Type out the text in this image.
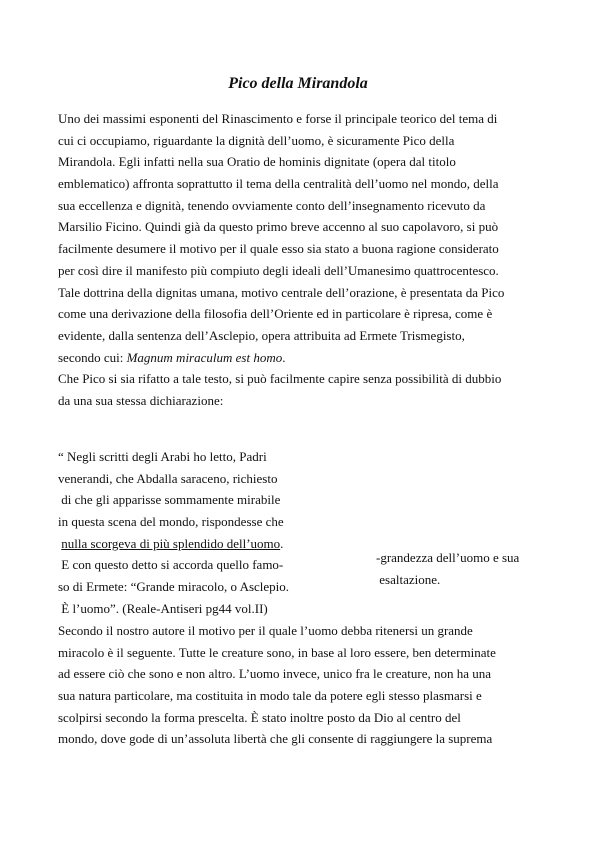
Pico della Mirandola
Uno dei massimi esponenti del Rinascimento e forse il principale teorico del tema di
cui ci occupiamo, riguardante la dignità dell’uomo, è sicuramente Pico della
Mirandola. Egli infatti nella sua Oratio de hominis dignitate (opera dal titolo
emblematico) affronta soprattutto il tema della centralità dell’uomo nel mondo, della
sua eccellenza e dignità, tenendo ovviamente conto dell’insegnamento ricevuto da
Marsilio Ficino. Quindi già da questo primo breve accenno al suo capolavoro, si può
facilmente desumere il motivo per il quale esso sia stato a buona ragione considerato
per così dire il manifesto più compiuto degli ideali dell’Umanesimo quattrocentesco.
Tale dottrina della dignitas umana, motivo centrale dell’orazione, è presentata da Pico
come una derivazione della filosofia dell’Oriente ed in particolare è ripresa, come è
evidente, dalla sentenza dell’Asclepio, opera attribuita ad Ermete Trismegisto,
secondo cui: Magnum miraculum est homo.
Che Pico si sia rifatto a tale testo, si può facilmente capire senza possibilità di dubbio
da una sua stessa dichiarazione:
“ Negli scritti degli Arabi ho letto, Padri
venerandi, che Abdalla saraceno, richiesto
di che gli apparisse sommamente mirabile
in questa scena del mondo, rispondesse che
nulla scorgeva di più splendido dell’uomo.
E con questo detto si accorda quello famo-
so di Ermete: “Grande miracolo, o Asclepio.
È l’uomo”. (Reale-Antiseri pg44 vol.II)
-grandezza dell’uomo e sua
esaltazione.
Secondo il nostro autore il motivo per il quale l’uomo debba ritenersi un grande
miracolo è il seguente. Tutte le creature sono, in base al loro essere, ben determinate
ad essere ciò che sono e non altro. L’uomo invece, unico fra le creature, non ha una
sua natura particolare, ma costituita in modo tale da potere egli stesso plasmarsi e
scolpirsi secondo la forma prescelta. È stato inoltre posto da Dio al centro del
mondo, dove gode di un’assoluta libertà che gli consente di raggiungere la suprema
